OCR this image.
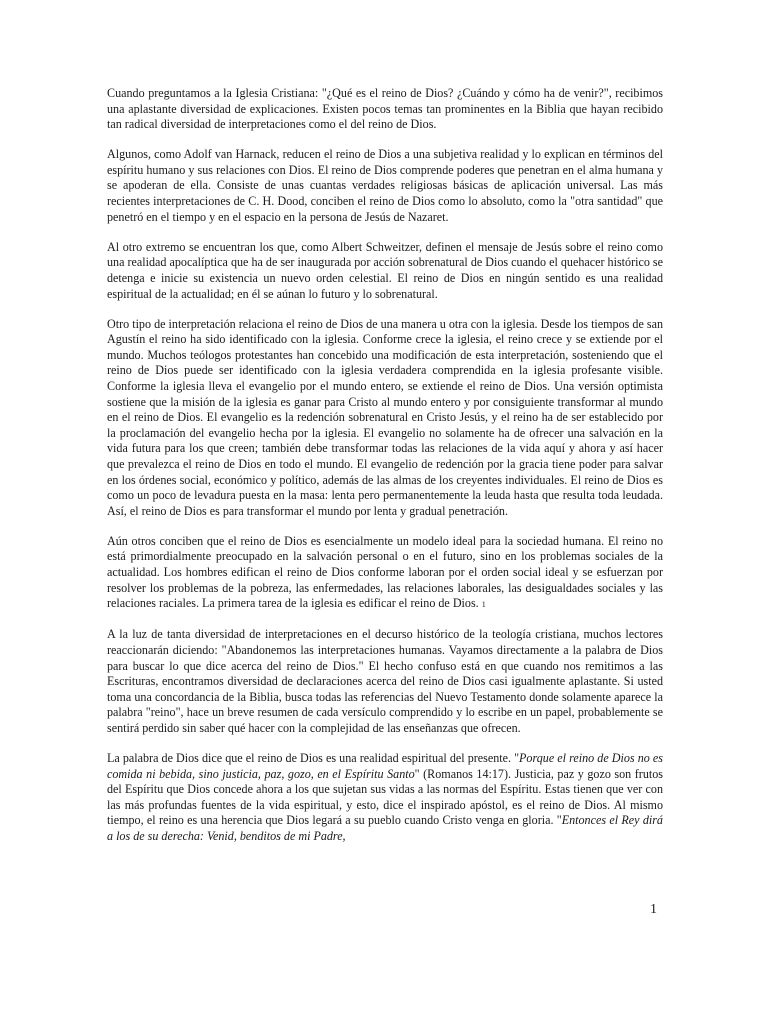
Cuando preguntamos a la Iglesia Cristiana: "¿Qué es el reino de Dios? ¿Cuándo y cómo ha de venir?", recibimos una aplastante diversidad de explicaciones. Existen pocos temas tan prominentes en la Biblia que hayan recibido tan radical diversidad de interpretaciones como el del reino de Dios.

Algunos, como Adolf van Harnack, reducen el reino de Dios a una subjetiva realidad y lo explican en términos del espíritu humano y sus relaciones con Dios. El reino de Dios comprende poderes que penetran en el alma humana y se apoderan de ella. Consiste de unas cuantas verdades religiosas básicas de aplicación universal. Las más recientes interpretaciones de C. H. Dood, conciben el reino de Dios como lo absoluto, como la "otra santidad" que penetró en el tiempo y en el espacio en la persona de Jesús de Nazaret.

Al otro extremo se encuentran los que, como Albert Schweitzer, definen el mensaje de Jesús sobre el reino como una realidad apocalíptica que ha de ser inaugurada por acción sobrenatural de Dios cuando el quehacer histórico se detenga e inicie su existencia un nuevo orden celestial. El reino de Dios en ningún sentido es una realidad espiritual de la actualidad; en él se aúnan lo futuro y lo sobrenatural.

Otro tipo de interpretación relaciona el reino de Dios de una manera u otra con la iglesia. Desde los tiempos de san Agustín el reino ha sido identificado con la iglesia. Conforme crece la iglesia, el reino crece y se extiende por el mundo. Muchos teólogos protestantes han concebido una modificación de esta interpretación, sosteniendo que el reino de Dios puede ser identificado con la iglesia verdadera comprendida en la iglesia profesante visible. Conforme la iglesia lleva el evangelio por el mundo entero, se extiende el reino de Dios. Una versión optimista sostiene que la misión de la iglesia es ganar para Cristo al mundo entero y por consiguiente transformar al mundo en el reino de Dios. El evangelio es la redención sobrenatural en Cristo Jesús, y el reino ha de ser establecido por la proclamación del evangelio hecha por la iglesia. El evangelio no solamente ha de ofrecer una salvación en la vida futura para los que creen; también debe transformar todas las relaciones de la vida aquí y ahora y así hacer que prevalezca el reino de Dios en todo el mundo. El evangelio de redención por la gracia tiene poder para salvar en los órdenes social, económico y político, además de las almas de los creyentes individuales. El reino de Dios es como un poco de levadura puesta en la masa: lenta pero permanentemente la leuda hasta que resulta toda leudada. Así, el reino de Dios es para transformar el mundo por lenta y gradual penetración.

Aún otros conciben que el reino de Dios es esencialmente un modelo ideal para la sociedad humana. El reino no está primordialmente preocupado en la salvación personal o en el futuro, sino en los problemas sociales de la actualidad. Los hombres edifican el reino de Dios conforme laboran por el orden social ideal y se esfuerzan por resolver los problemas de la pobreza, las enfermedades, las relaciones laborales, las desigualdades sociales y las relaciones raciales. La primera tarea de la iglesia es edificar el reino de Dios. 1

A la luz de tanta diversidad de interpretaciones en el decurso histórico de la teología cristiana, muchos lectores reaccionarán diciendo: "Abandonemos las interpretaciones humanas. Vayamos directamente a la palabra de Dios para buscar lo que dice acerca del reino de Dios." El hecho confuso está en que cuando nos remitimos a las Escrituras, encontramos diversidad de declaraciones acerca del reino de Dios casi igualmente aplastante. Si usted toma una concordancia de la Biblia, busca todas las referencias del Nuevo Testamento donde solamente aparece la palabra "reino", hace un breve resumen de cada versículo comprendido y lo escribe en un papel, probablemente se sentirá perdido sin saber qué hacer con la complejidad de las enseñanzas que ofrecen.

La palabra de Dios dice que el reino de Dios es una realidad espiritual del presente. "Porque el reino de Dios no es comida ni bebida, sino justicia, paz, gozo, en el Espíritu Santo" (Romanos 14:17). Justicia, paz y gozo son frutos del Espíritu que Dios concede ahora a los que sujetan sus vidas a las normas del Espíritu. Estas tienen que ver con las más profundas fuentes de la vida espiritual, y esto, dice el inspirado apóstol, es el reino de Dios. Al mismo tiempo, el reino es una herencia que Dios legará a su pueblo cuando Cristo venga en gloria. "Entonces el Rey dirá a los de su derecha: Venid, benditos de mi Padre,

1
